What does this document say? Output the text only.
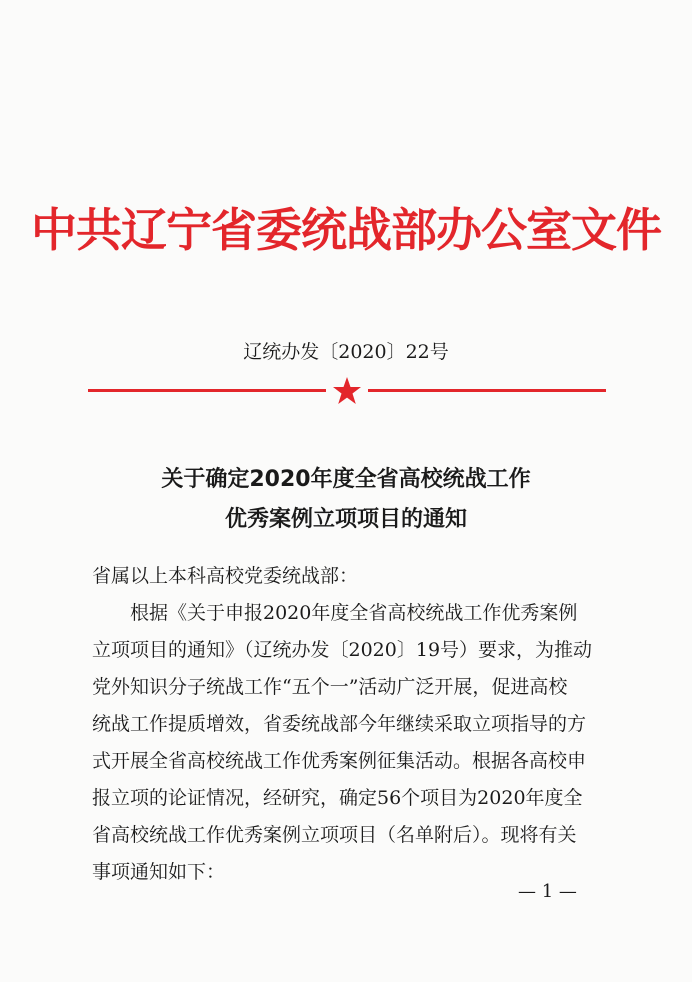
中共辽宁省委统战部办公室文件
辽统办发〔2020〕22号
关于确定2020年度全省高校统战工作
优秀案例立项项目的通知
省属以上本科高校党委统战部：
根据《关于申报2020年度全省高校统战工作优秀案例
立项项目的通知》（辽统办发〔2020〕19号）要求，为推动
党外知识分子统战工作“五个一”活动广泛开展，促进高校
统战工作提质增效，省委统战部今年继续采取立项指导的方
式开展全省高校统战工作优秀案例征集活动。根据各高校申
报立项的论证情况，经研究，确定56个项目为2020年度全
省高校统战工作优秀案例立项项目（名单附后）。现将有关
事项通知如下：
— 1 —
